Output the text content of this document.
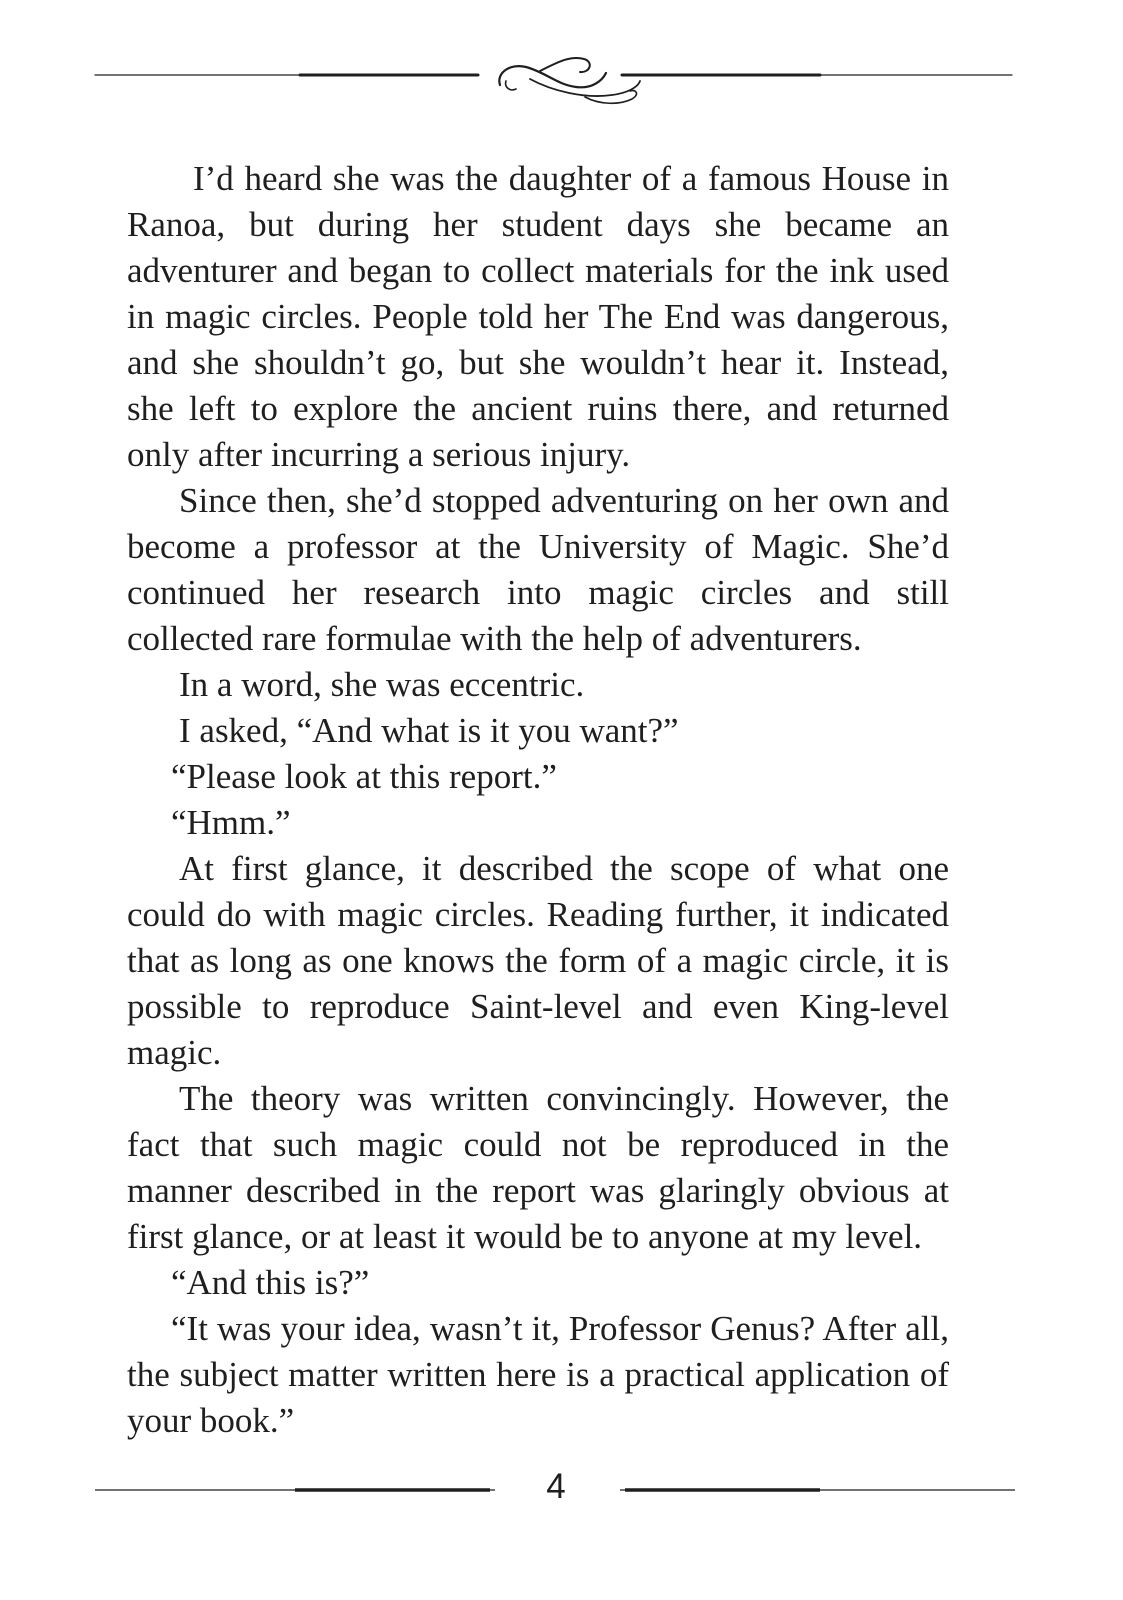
I’d heard she was the daughter of a famous House in Ranoa, but during her student days she became an adventurer and began to collect materials for the ink used in magic circles. People told her The End was dangerous, and she shouldn’t go, but she wouldn’t hear it. Instead, she left to explore the ancient ruins there, and returned only after incurring a serious injury.

Since then, she’d stopped adventuring on her own and become a professor at the University of Magic. She’d continued her research into magic circles and still collected rare formulae with the help of adventurers.

In a word, she was eccentric.

I asked, “And what is it you want?”

“Please look at this report.”

“Hmm.”

At first glance, it described the scope of what one could do with magic circles. Reading further, it indicated that as long as one knows the form of a magic circle, it is possible to reproduce Saint-level and even King-level magic.

The theory was written convincingly. However, the fact that such magic could not be reproduced in the manner described in the report was glaringly obvious at first glance, or at least it would be to anyone at my level.

“And this is?”

“It was your idea, wasn’t it, Professor Genus? After all, the subject matter written here is a practical application of your book.”

4
